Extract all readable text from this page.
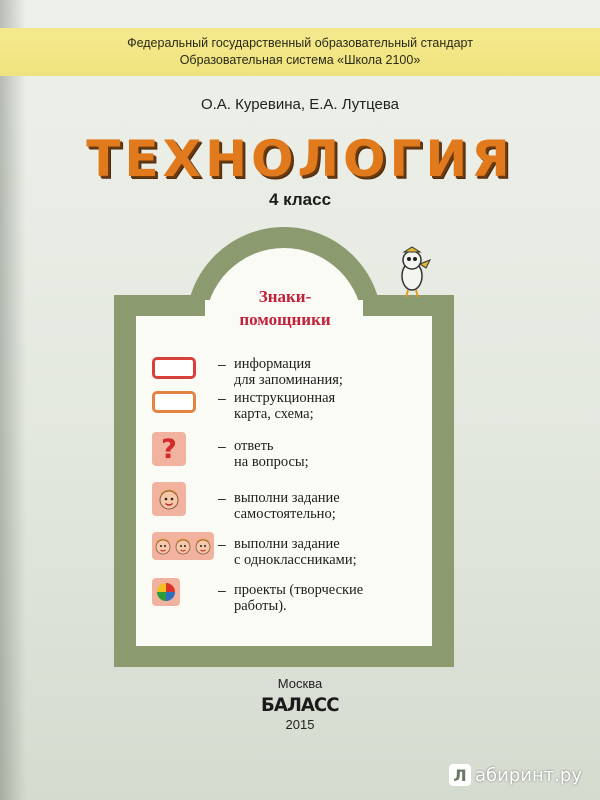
Федеральный государственный образовательный стандарт
Образовательная система «Школа 2100»
О.А. Куревина, Е.А. Лутцева
ТЕХНОЛОГИЯ
4 класс
Знаки-
помощники
– информация
для запоминания;
– инструкционная
карта, схема;
?	– ответь
на вопросы;
– выполни задание
самостоятельно;
– выполни задание
с одноклассниками;
– проекты (творческие
работы).
Москва
БАЛАСС
2015
Л абиринт.ру
